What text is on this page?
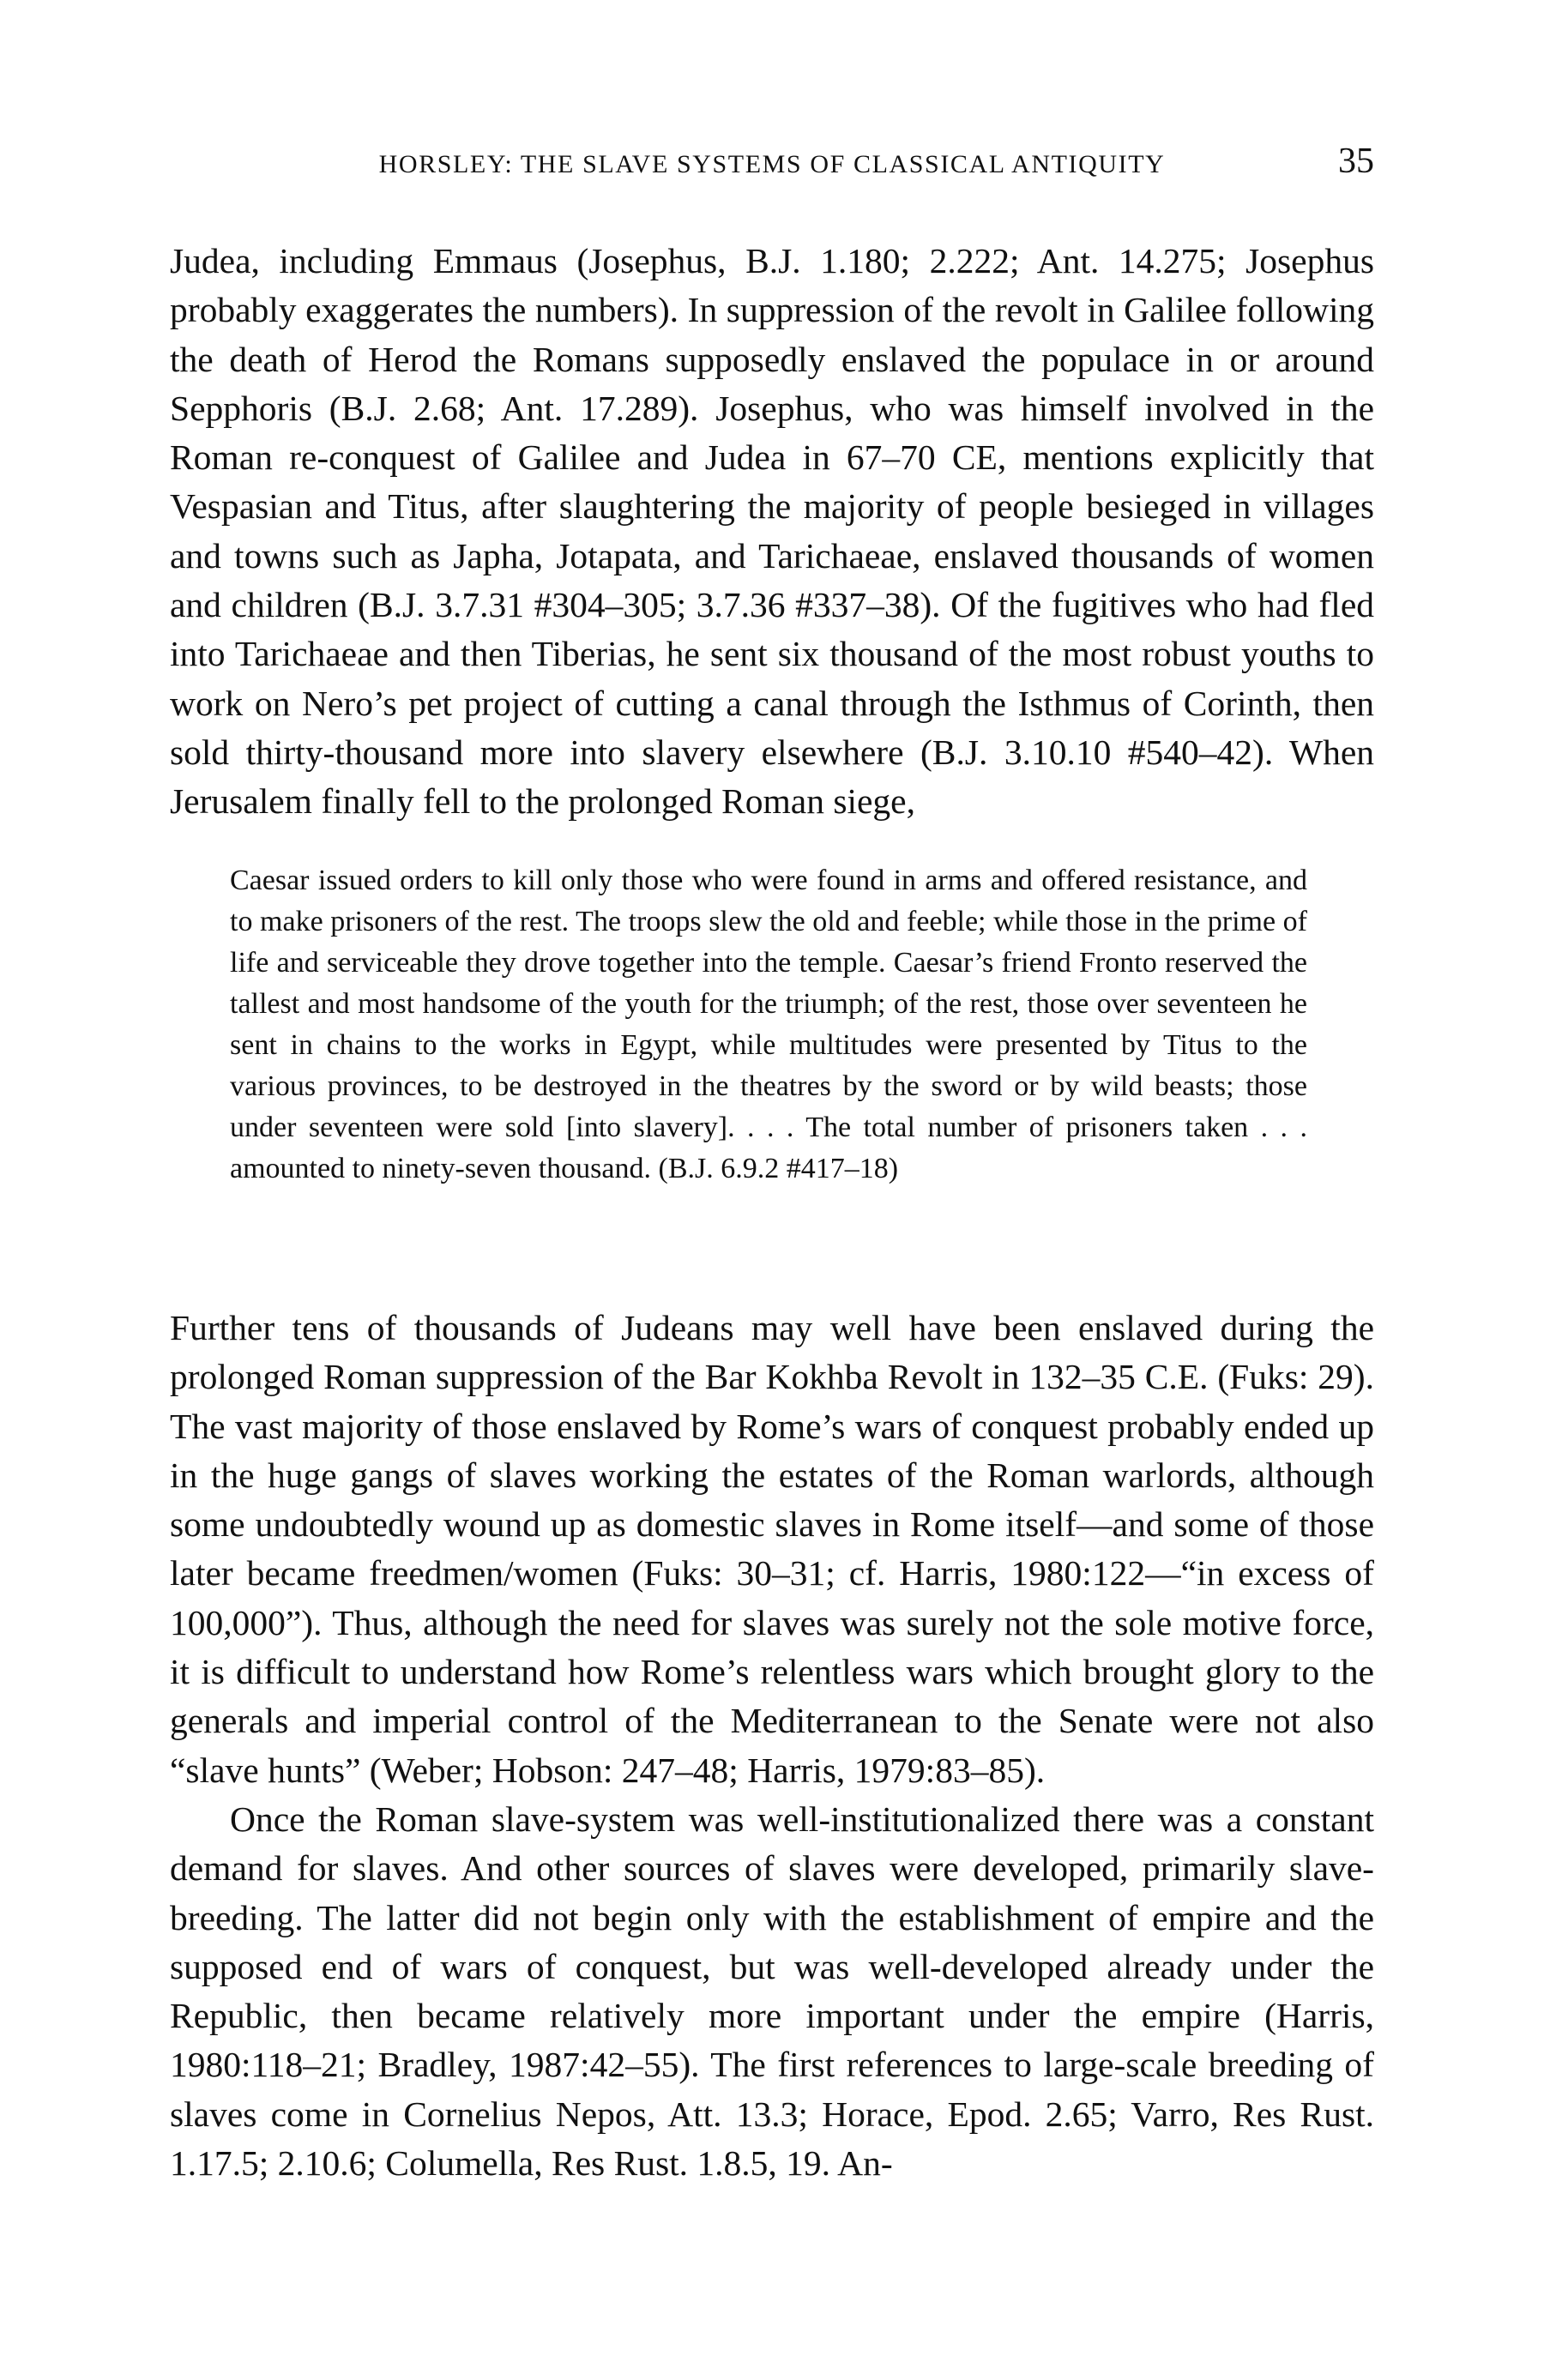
HORSLEY: THE SLAVE SYSTEMS OF CLASSICAL ANTIQUITY	35

Judea, including Emmaus (Josephus, B.J. 1.180; 2.222; Ant. 14.275; Josephus probably exaggerates the numbers). In suppression of the revolt in Galilee following the death of Herod the Romans supposedly enslaved the populace in or around Sepphoris (B.J. 2.68; Ant. 17.289). Josephus, who was himself involved in the Roman re-conquest of Galilee and Judea in 67–70 CE, mentions explicitly that Vespasian and Titus, after slaughtering the majority of people besieged in villages and towns such as Japha, Jotapata, and Tarichaeae, enslaved thousands of women and children (B.J. 3.7.31 #304–305; 3.7.36 #337–38). Of the fugitives who had fled into Tarichaeae and then Tiberias, he sent six thousand of the most robust youths to work on Nero’s pet project of cutting a canal through the Isthmus of Corinth, then sold thirty-thousand more into slavery elsewhere (B.J. 3.10.10 #540–42). When Jerusalem finally fell to the prolonged Roman siege,

Caesar issued orders to kill only those who were found in arms and offered resistance, and to make prisoners of the rest. The troops slew the old and feeble; while those in the prime of life and serviceable they drove together into the temple. Caesar’s friend Fronto reserved the tallest and most handsome of the youth for the triumph; of the rest, those over seventeen he sent in chains to the works in Egypt, while multitudes were presented by Titus to the various provinces, to be destroyed in the theatres by the sword or by wild beasts; those under seventeen were sold [into slavery]. . . . The total number of prisoners taken . . . amounted to ninety-seven thousand. (B.J. 6.9.2 #417–18)

Further tens of thousands of Judeans may well have been enslaved during the prolonged Roman suppression of the Bar Kokhba Revolt in 132–35 C.E. (Fuks: 29). The vast majority of those enslaved by Rome’s wars of conquest probably ended up in the huge gangs of slaves working the estates of the Roman warlords, although some undoubtedly wound up as domestic slaves in Rome itself—and some of those later became freedmen/women (Fuks: 30–31; cf. Harris, 1980:122—“in excess of 100,000”). Thus, although the need for slaves was surely not the sole motive force, it is difficult to understand how Rome’s relentless wars which brought glory to the generals and imperial control of the Mediterranean to the Senate were not also “slave hunts” (Weber; Hobson: 247–48; Harris, 1979:83–85).

Once the Roman slave-system was well-institutionalized there was a constant demand for slaves. And other sources of slaves were developed, primarily slave-breeding. The latter did not begin only with the establishment of empire and the supposed end of wars of conquest, but was well-developed already under the Republic, then became relatively more important under the empire (Harris, 1980:118–21; Bradley, 1987:42–55). The first references to large-scale breeding of slaves come in Cornelius Nepos, Att. 13.3; Horace, Epod. 2.65; Varro, Res Rust. 1.17.5; 2.10.6; Columella, Res Rust. 1.8.5, 19. An-
